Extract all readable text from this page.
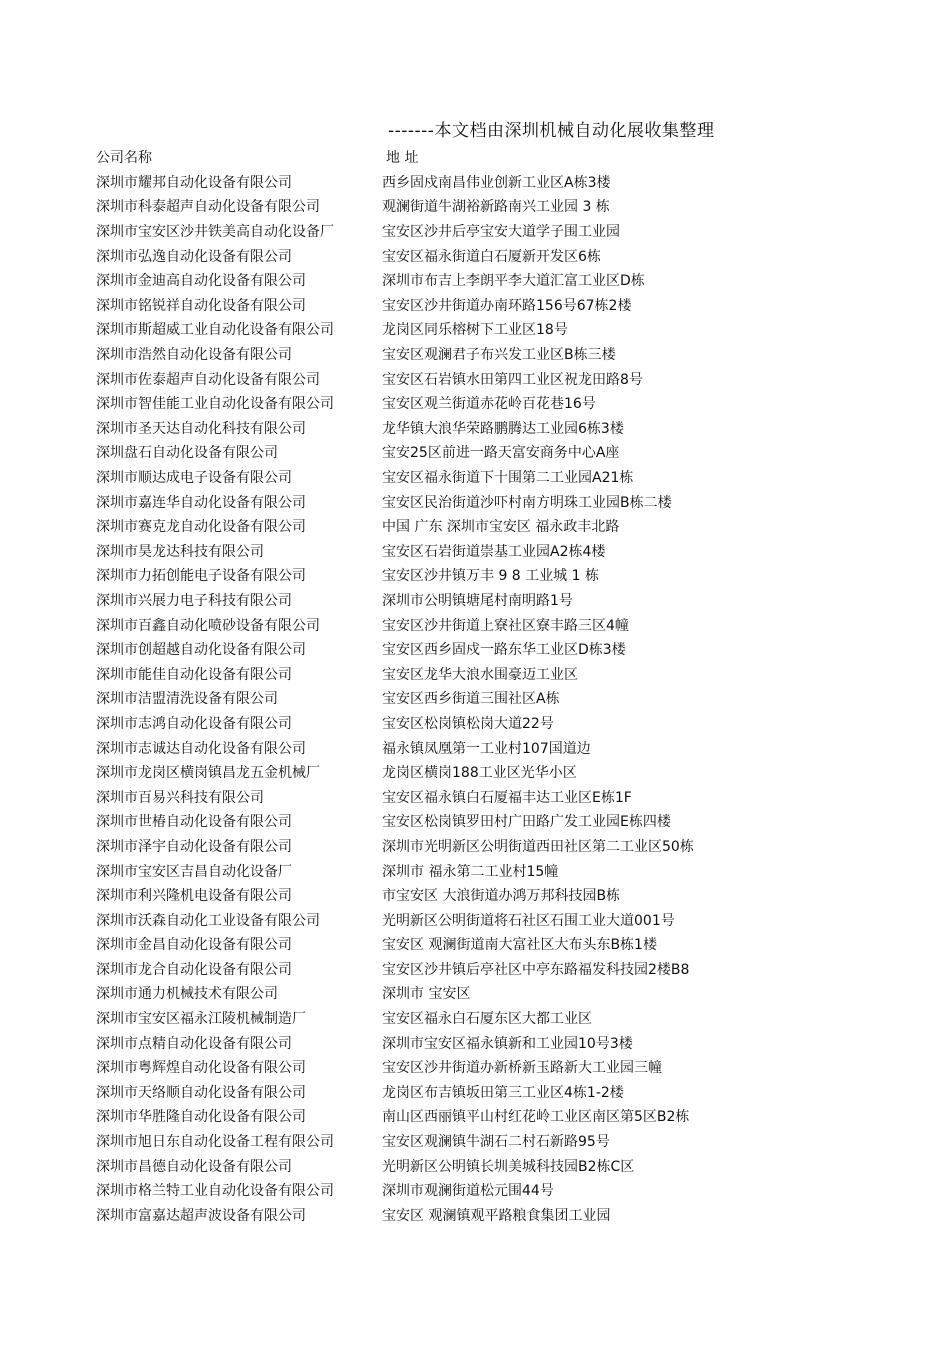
-------本文档由深圳机械自动化展收集整理
公司名称	地 址
深圳市耀邦自动化设备有限公司	西乡固戍南昌伟业创新工业区A栋3楼
深圳市科泰超声自动化设备有限公司	观澜街道牛湖裕新路南兴工业园 3 栋
深圳市宝安区沙井铁美高自动化设备厂	宝安区沙井后亭宝安大道学子围工业园
深圳市弘逸自动化设备有限公司	宝安区福永街道白石厦新开发区6栋
深圳市金迪高自动化设备有限公司	深圳市布吉上李朗平李大道汇富工业区D栋
深圳市铭锐祥自动化设备有限公司	宝安区沙井街道办南环路156号67栋2楼
深圳市斯超威工业自动化设备有限公司	龙岗区同乐榕树下工业区18号
深圳市浩然自动化设备有限公司	宝安区观澜君子布兴发工业区B栋三楼
深圳市佐泰超声自动化设备有限公司	宝安区石岩镇水田第四工业区祝龙田路8号
深圳市智佳能工业自动化设备有限公司	宝安区观兰街道赤花岭百花巷16号
深圳市圣天达自动化科技有限公司	龙华镇大浪华荣路鹏腾达工业园6栋3楼
深圳盘石自动化设备有限公司	宝安25区前进一路天富安商务中心A座
深圳市顺达成电子设备有限公司	宝安区福永街道下十围第二工业园A21栋
深圳市嘉连华自动化设备有限公司	宝安区民治街道沙吓村南方明珠工业园B栋二楼
深圳市赛克龙自动化设备有限公司	中国 广东 深圳市宝安区 福永政丰北路
深圳市昊龙达科技有限公司	宝安区石岩街道崇基工业园A2栋4楼
深圳市力拓创能电子设备有限公司	宝安区沙井镇万丰 9 8 工业城 1 栋
深圳市兴展力电子科技有限公司	深圳市公明镇塘尾村南明路1号
深圳市百鑫自动化喷砂设备有限公司	宝安区沙井街道上寮社区寮丰路三区4幢
深圳市创超越自动化设备有限公司	宝安区西乡固戍一路东华工业区D栋3楼
深圳市能佳自动化设备有限公司	宝安区龙华大浪水围豪迈工业区
深圳市洁盟清洗设备有限公司	宝安区西乡街道三围社区A栋
深圳市志鸿自动化设备有限公司	宝安区松岗镇松岗大道22号
深圳市志诚达自动化设备有限公司	福永镇凤凰第一工业村107国道边
深圳市龙岗区横岗镇昌龙五金机械厂	龙岗区横岗188工业区光华小区
深圳市百易兴科技有限公司	宝安区福永镇白石厦福丰达工业区E栋1F
深圳市世椿自动化设备有限公司	宝安区松岗镇罗田村广田路广发工业园E栋四楼
深圳市泽宇自动化设备有限公司	深圳市光明新区公明街道西田社区第二工业区50栋
深圳市宝安区吉昌自动化设备厂	深圳市 福永第二工业村15幢
深圳市利兴隆机电设备有限公司	市宝安区 大浪街道办鸿万邦科技园B栋
深圳市沃森自动化工业设备有限公司	光明新区公明街道将石社区石围工业大道001号
深圳市金昌自动化设备有限公司	宝安区 观澜街道南大富社区大布头东B栋1楼
深圳市龙合自动化设备有限公司	宝安区沙井镇后亭社区中亭东路福发科技园2楼B8
深圳市通力机械技术有限公司	深圳市 宝安区
深圳市宝安区福永江陵机械制造厂	宝安区福永白石厦东区大都工业区
深圳市点精自动化设备有限公司	深圳市宝安区福永镇新和工业园10号3楼
深圳市粤辉煌自动化设备有限公司	宝安区沙井街道办新桥新玉路新大工业园三幢
深圳市天络顺自动化设备有限公司	龙岗区布吉镇坂田第三工业区4栋1-2楼
深圳市华胜隆自动化设备有限公司	南山区西丽镇平山村红花岭工业区南区第5区B2栋
深圳市旭日东自动化设备工程有限公司	宝安区观澜镇牛湖石二村石新路95号
深圳市昌德自动化设备有限公司	光明新区公明镇长圳美城科技园B2栋C区
深圳市格兰特工业自动化设备有限公司	深圳市观澜街道松元围44号
深圳市富嘉达超声波设备有限公司	宝安区 观澜镇观平路粮食集团工业园
